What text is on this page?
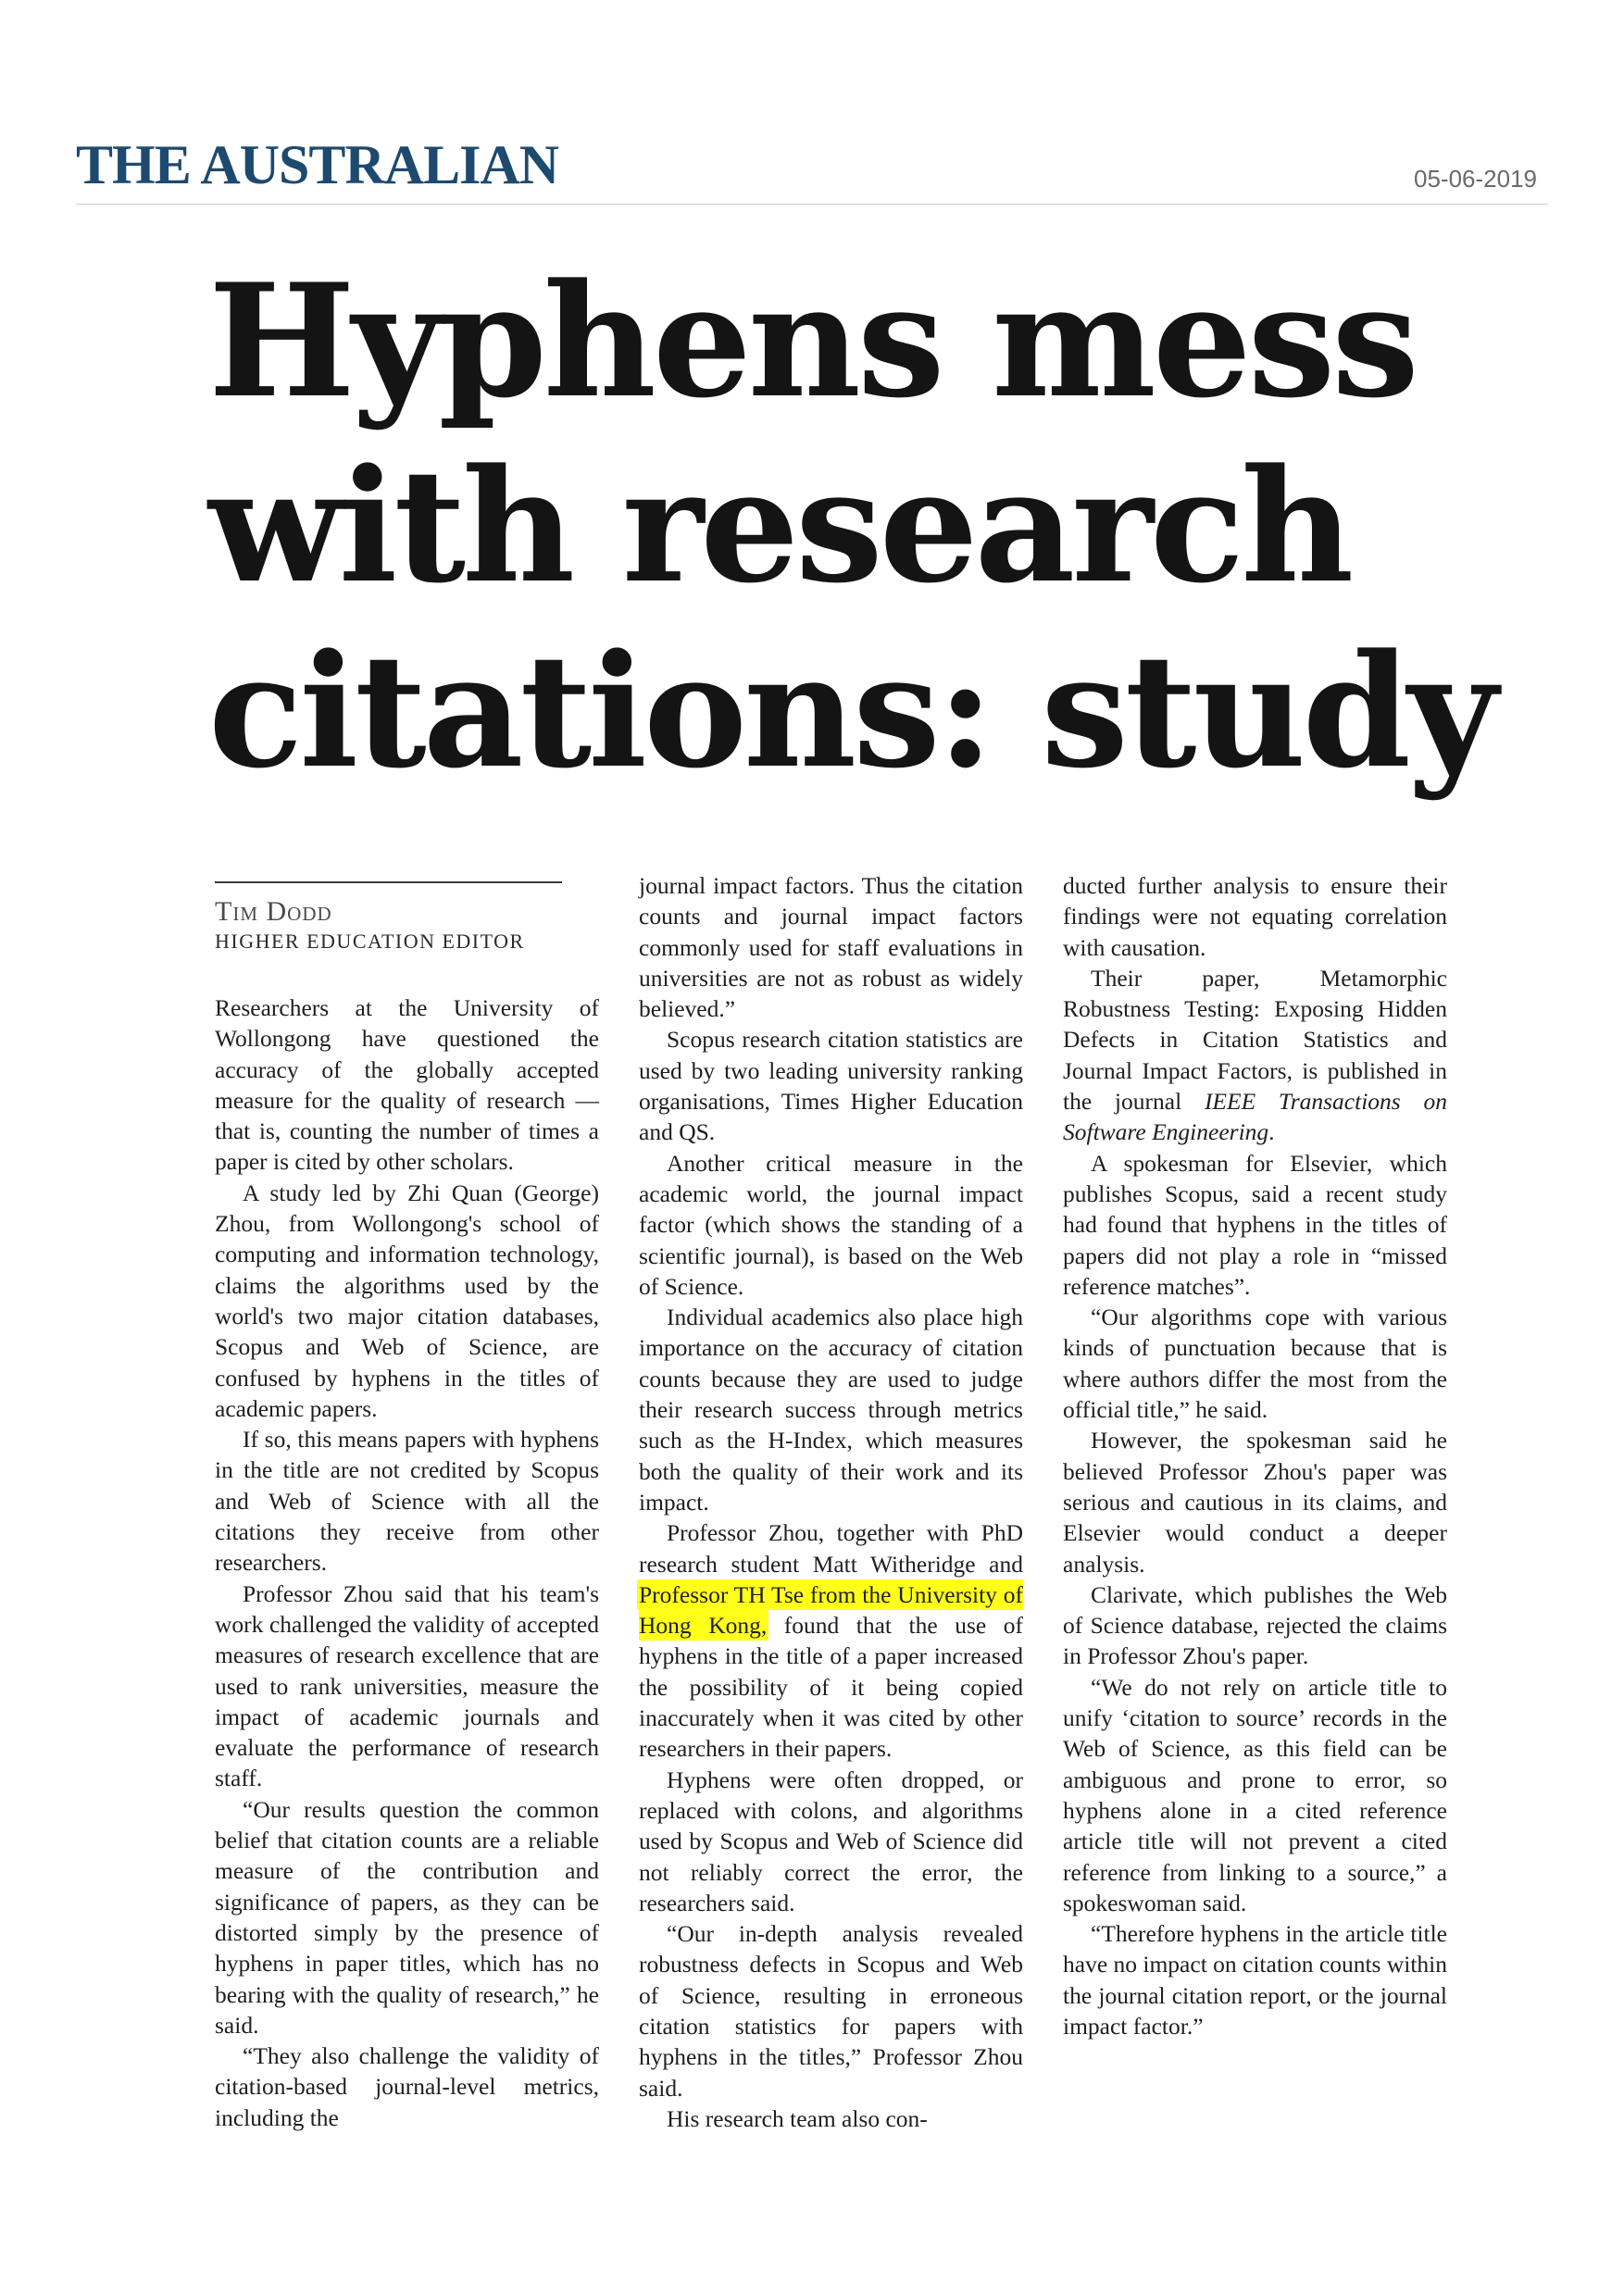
THE AUSTRALIAN	05-06-2019
Hyphens mess
with research
citations: study
Tim Dodd
HIGHER EDUCATION EDITOR

Researchers at the University of Wollongong have questioned the accuracy of the globally accepted measure for the quality of research — that is, counting the number of times a paper is cited by other scholars.

A study led by Zhi Quan (George) Zhou, from Wollongong's school of computing and information technology, claims the algorithms used by the world's two major citation databases, Scopus and Web of Science, are confused by hyphens in the titles of academic papers.

If so, this means papers with hyphens in the title are not credited by Scopus and Web of Science with all the citations they receive from other researchers.

Professor Zhou said that his team's work challenged the validity of accepted measures of research excellence that are used to rank universities, measure the impact of academic journals and evaluate the performance of research staff.

“Our results question the common belief that citation counts are a reliable measure of the contribution and significance of papers, as they can be distorted simply by the presence of hyphens in paper titles, which has no bearing with the quality of research,” he said.

“They also challenge the validity of citation-based journal-level metrics, including the

journal impact factors. Thus the citation counts and journal impact factors commonly used for staff evaluations in universities are not as robust as widely believed.”

Scopus research citation statistics are used by two leading university ranking organisations, Times Higher Education and QS.

Another critical measure in the academic world, the journal impact factor (which shows the standing of a scientific journal), is based on the Web of Science.

Individual academics also place high importance on the accuracy of citation counts because they are used to judge their research success through metrics such as the H-Index, which measures both the quality of their work and its impact.

Professor Zhou, together with PhD research student Matt Witheridge and Professor TH Tse from the University of Hong Kong, found that the use of hyphens in the title of a paper increased the possibility of it being copied inaccurately when it was cited by other researchers in their papers.

Hyphens were often dropped, or replaced with colons, and algorithms used by Scopus and Web of Science did not reliably correct the error, the researchers said.

“Our in-depth analysis revealed robustness defects in Scopus and Web of Science, resulting in erroneous citation statistics for papers with hyphens in the titles,” Professor Zhou said.

His research team also con-

ducted further analysis to ensure their findings were not equating correlation with causation.

Their paper, Metamorphic Robustness Testing: Exposing Hidden Defects in Citation Statistics and Journal Impact Factors, is published in the journal IEEE Transactions on Software Engineering.

A spokesman for Elsevier, which publishes Scopus, said a recent study had found that hyphens in the titles of papers did not play a role in “missed reference matches”.

“Our algorithms cope with various kinds of punctuation because that is where authors differ the most from the official title,” he said.

However, the spokesman said he believed Professor Zhou's paper was serious and cautious in its claims, and Elsevier would conduct a deeper analysis.

Clarivate, which publishes the Web of Science database, rejected the claims in Professor Zhou's paper.

“We do not rely on article title to unify ‘citation to source’ records in the Web of Science, as this field can be ambiguous and prone to error, so hyphens alone in a cited reference article title will not prevent a cited reference from linking to a source,” a spokeswoman said.

“Therefore hyphens in the article title have no impact on citation counts within the journal citation report, or the journal impact factor.”
